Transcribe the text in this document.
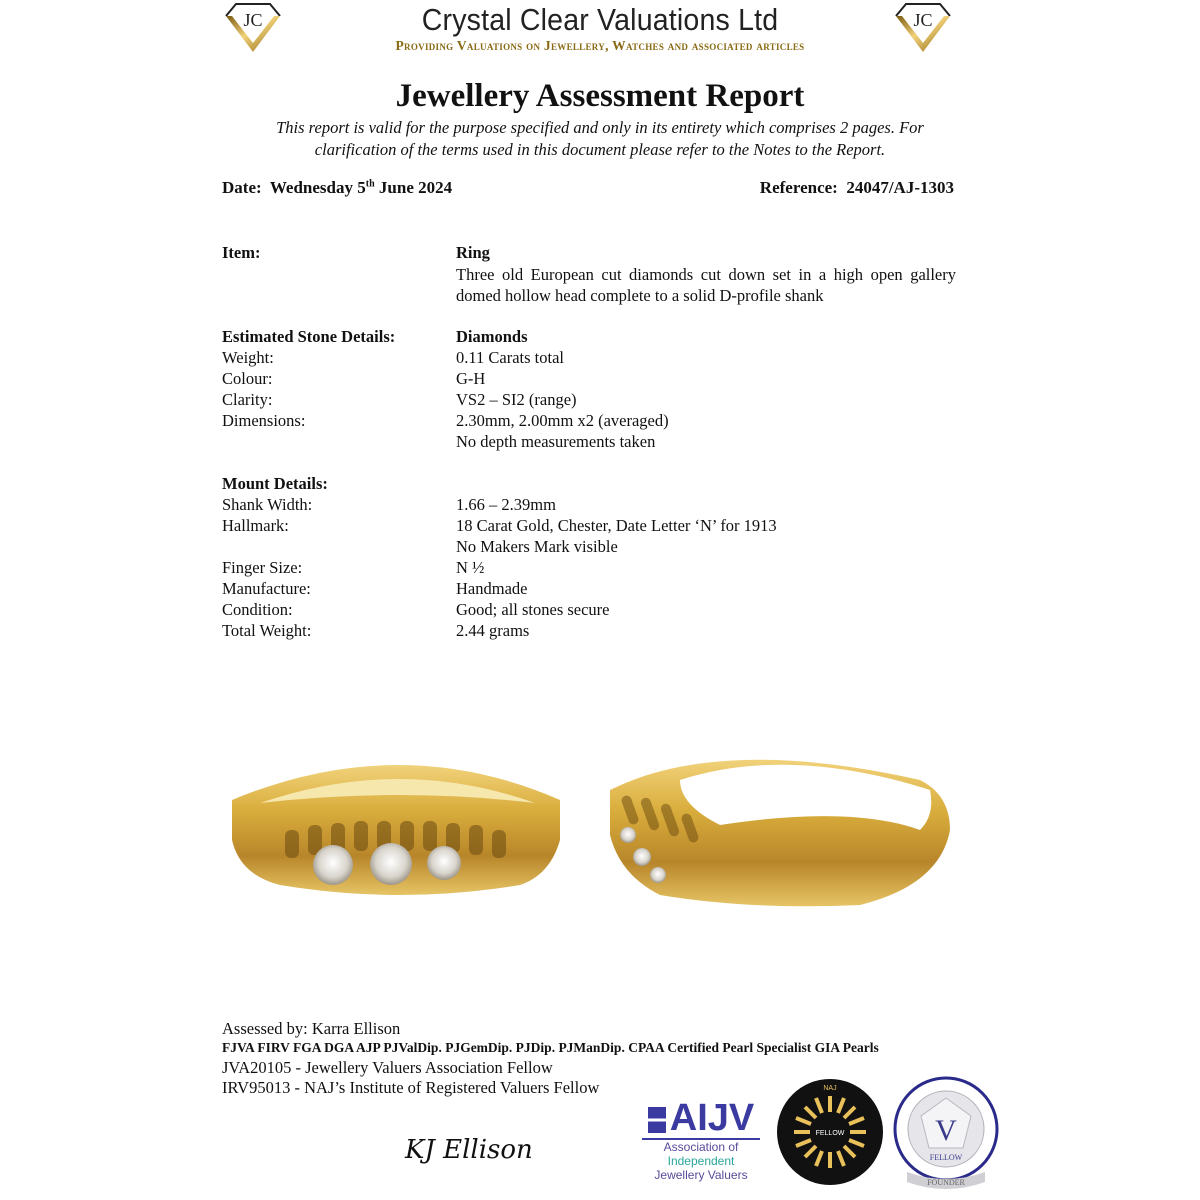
JC	JC
Crystal Clear Valuations Ltd
Providing Valuations on Jewellery, Watches and associated articles
Jewellery Assessment Report
This report is valid for the purpose specified and only in its entirety which comprises 2 pages. For
clarification of the terms used in this document please refer to the Notes to the Report.
Date: Wednesday 5th June 2024	Reference: 24047/AJ-1303
Item:	Ring
Three old European cut diamonds cut down set in a high open gallery domed hollow head complete to a solid D-profile shank
Estimated Stone Details:	Diamonds
Weight:	0.11 Carats total
Colour:	G-H
Clarity:	VS2 – SI2 (range)
Dimensions:	2.30mm, 2.00mm x2 (averaged)
No depth measurements taken
Mount Details:
Shank Width:	1.66 – 2.39mm
Hallmark:	18 Carat Gold, Chester, Date Letter ‘N’ for 1913
No Makers Mark visible
Finger Size:	N ½
Manufacture:	Handmade
Condition:	Good; all stones secure
Total Weight:	2.44 grams
Assessed by: Karra Ellison
FJVA FIRV FGA DGA AJP PJValDip. PJGemDip. PJDip. PJManDip. CPAA Certified Pearl Specialist GIA Pearls
JVA20105 - Jewellery Valuers Association Fellow
IRV95013 - NAJ’s Institute of Registered Valuers Fellow
KJ Ellison
AIJV
Association of
Independent
Jewellery Valuers
FELLOW
NAJ
V
FELLOW
FOUNDER
